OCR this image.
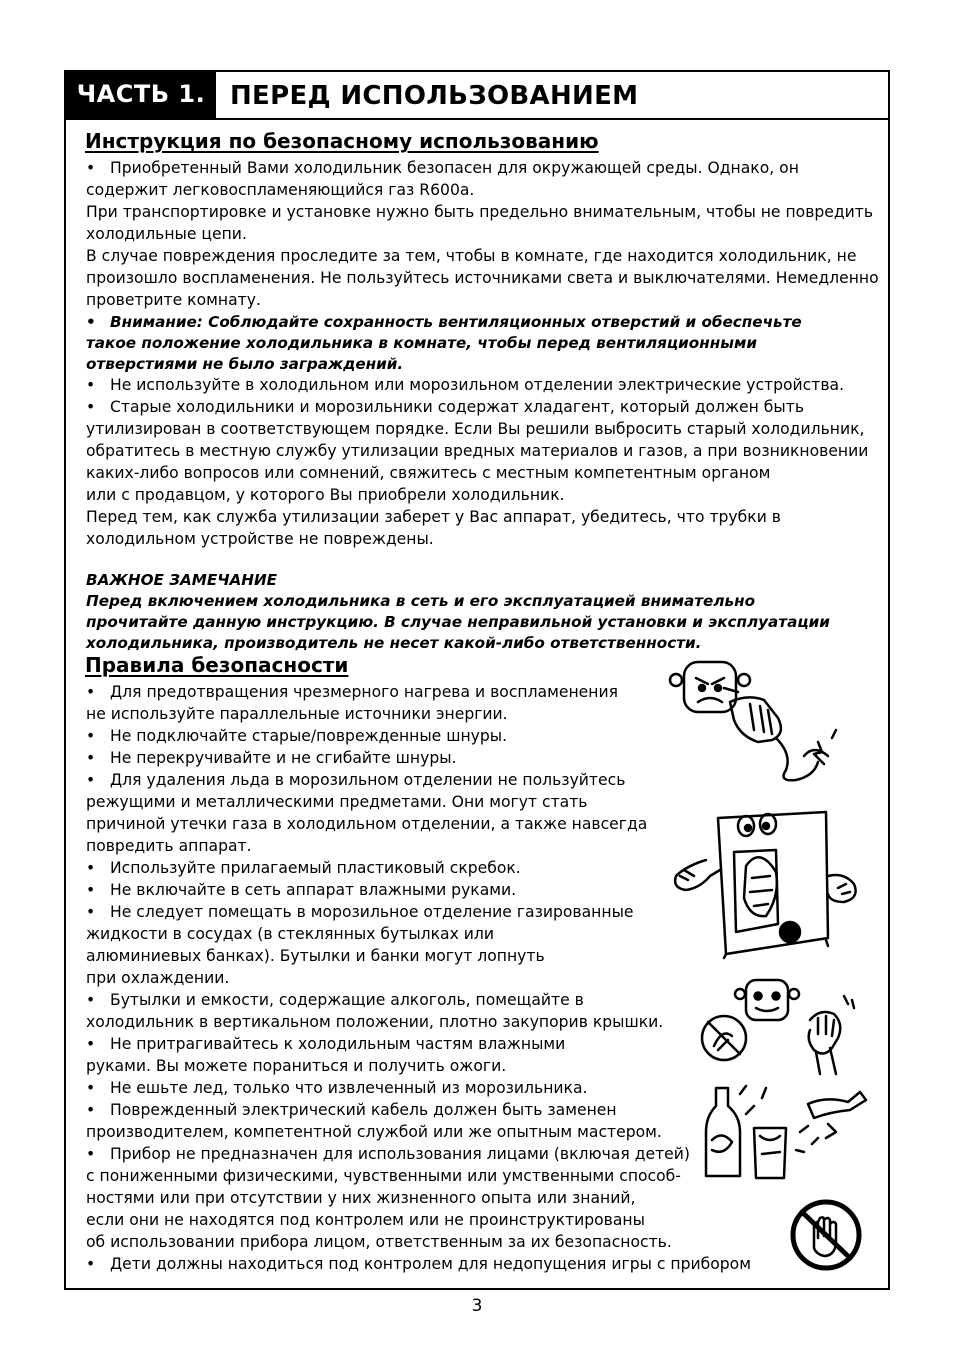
ЧАСТЬ 1. ПЕРЕД ИСПОЛЬЗОВАНИЕМ
Инструкция по безопасному использованию
• Приобретенный Вами холодильник безопасен для окружающей среды. Однако, он
содержит легковоспламеняющийся газ R600a.
При транспортировке и установке нужно быть предельно внимательным, чтобы не повредить
холодильные цепи.
В случае повреждения проследите за тем, чтобы в комнате, где находится холодильник, не
произошло воспламенения. Не пользуйтесь источниками света и выключателями. Немедленно
проветрите комнату.
• Внимание: Соблюдайте сохранность вентиляционных отверстий и обеспечьте
такое положение холодильника в комнате, чтобы перед вентиляционными
отверстиями не было заграждений.
• Не используйте в холодильном или морозильном отделении электрические устройства.
• Старые холодильники и морозильники содержат хладагент, который должен быть
утилизирован в соответствующем порядке. Если Вы решили выбросить старый холодильник,
обратитесь в местную службу утилизации вредных материалов и газов, а при возникновении
каких-либо вопросов или сомнений, свяжитесь с местным компетентным органом
или с продавцом, у которого Вы приобрели холодильник.
Перед тем, как служба утилизации заберет у Вас аппарат, убедитесь, что трубки в
холодильном устройстве не повреждены.
ВАЖНОЕ ЗАМЕЧАНИЕ
Перед включением холодильника в сеть и его эксплуатацией внимательно
прочитайте данную инструкцию. В случае неправильной установки и эксплуатации
холодильника, производитель не несет какой-либо ответственности.
Правила безопасности
• Для предотвращения чрезмерного нагрева и воспламенения
не используйте параллельные источники энергии.
• Не подключайте старые/поврежденные шнуры.
• Не перекручивайте и не сгибайте шнуры.
• Для удаления льда в морозильном отделении не пользуйтесь
режущими и металлическими предметами. Они могут стать
причиной утечки газа в холодильном отделении, а также навсегда
повредить аппарат.
• Используйте прилагаемый пластиковый скребок.
• Не включайте в сеть аппарат влажными руками.
• Не следует помещать в морозильное отделение газированные
жидкости в сосудах (в стеклянных бутылках или
алюминиевых банках). Бутылки и банки могут лопнуть
при охлаждении.
• Бутылки и емкости, содержащие алкоголь, помещайте в
холодильник в вертикальном положении, плотно закупорив крышки.
• Не притрагивайтесь к холодильным частям влажными
руками. Вы можете пораниться и получить ожоги.
• Не ешьте лед, только что извлеченный из морозильника.
• Поврежденный электрический кабель должен быть заменен
производителем, компетентной службой или же опытным мастером.
• Прибор не предназначен для использования лицами (включая детей)
с пониженными физическими, чувственными или умственными способ-
ностями или при отсутствии у них жизненного опыта или знаний,
если они не находятся под контролем или не проинструктированы
об использовании прибора лицом, ответственным за их безопасность.
• Дети должны находиться под контролем для недопущения игры с прибором
3
